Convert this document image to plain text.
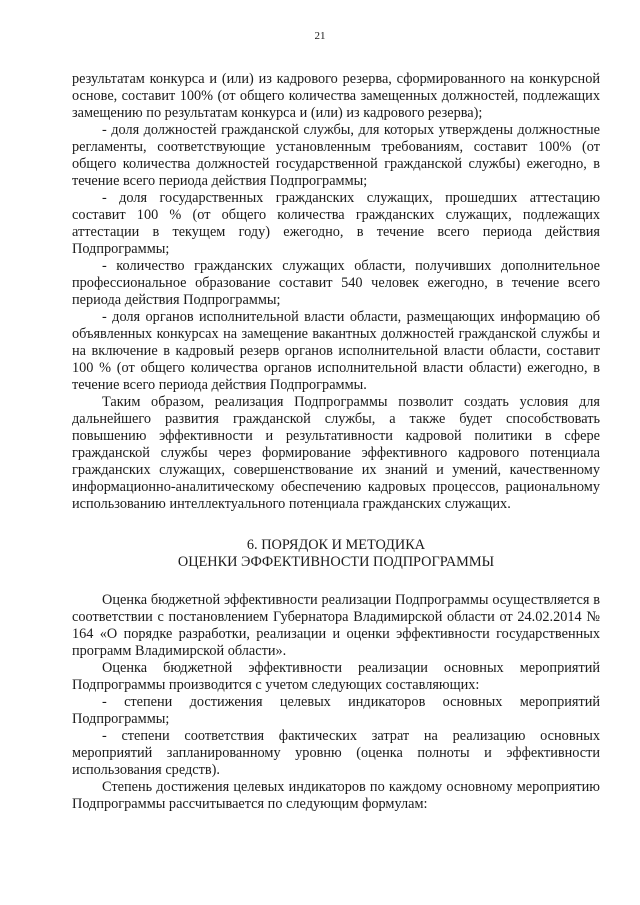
21

результатам конкурса и (или) из кадрового резерва, сформированного на конкурсной основе, составит 100% (от общего количества замещенных должностей, подлежащих замещению по результатам конкурса и (или) из кадрового резерва);

- доля должностей гражданской службы, для которых утверждены должностные регламенты, соответствующие установленным требованиям, составит 100% (от общего количества должностей государственной гражданской службы) ежегодно, в течение всего периода действия Подпрограммы;

- доля государственных гражданских служащих, прошедших аттестацию составит 100 % (от общего количества гражданских служащих, подлежащих аттестации в текущем году) ежегодно, в течение всего периода действия Подпрограммы;

- количество гражданских служащих области, получивших дополнительное профессиональное образование составит 540 человек ежегодно, в течение всего периода действия Подпрограммы;

- доля органов исполнительной власти области, размещающих информацию об объявленных конкурсах на замещение вакантных должностей гражданской службы и на включение в кадровый резерв органов исполнительной власти области, составит 100 % (от общего количества органов исполнительной власти области) ежегодно, в течение всего периода действия Подпрограммы.

Таким образом, реализация Подпрограммы позволит создать условия для дальнейшего развития гражданской службы, а также будет способствовать повышению эффективности и результативности кадровой политики в сфере гражданской службы через формирование эффективного кадрового потенциала гражданских служащих, совершенствование их знаний и умений, качественному информационно-аналитическому обеспечению кадровых процессов, рациональному использованию интеллектуального потенциала гражданских служащих.

6. ПОРЯДОК И МЕТОДИКА
ОЦЕНКИ ЭФФЕКТИВНОСТИ ПОДПРОГРАММЫ

Оценка бюджетной эффективности реализации Подпрограммы осуществляется в соответствии с постановлением Губернатора Владимирской области от 24.02.2014 № 164 «О порядке разработки, реализации и оценки эффективности государственных программ Владимирской области».

Оценка бюджетной эффективности реализации основных мероприятий Подпрограммы производится с учетом следующих составляющих:

- степени достижения целевых индикаторов основных мероприятий Подпрограммы;

- степени соответствия фактических затрат на реализацию основных мероприятий запланированному уровню (оценка полноты и эффективности использования средств).

Степень достижения целевых индикаторов по каждому основному мероприятию Подпрограммы рассчитывается по следующим формулам:
